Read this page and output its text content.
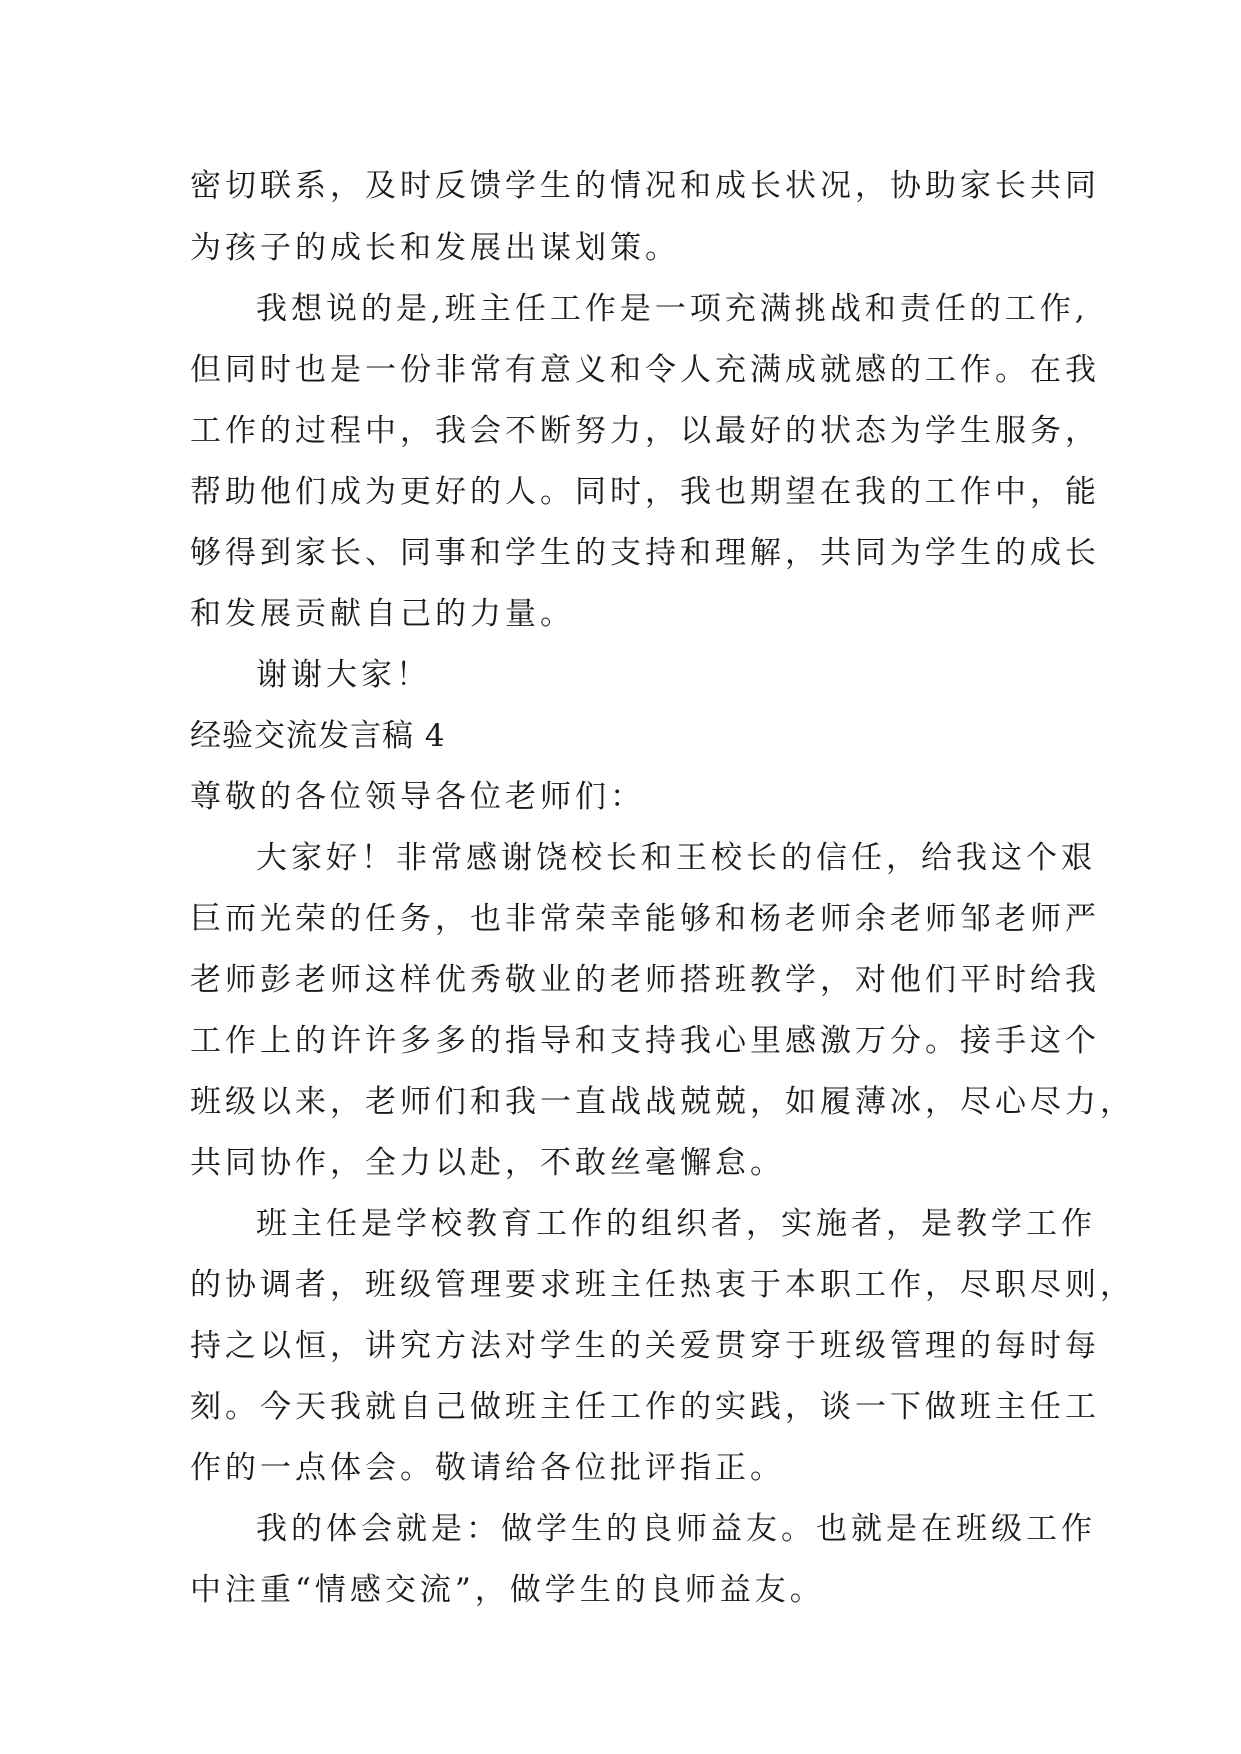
密切联系，及时反馈学生的情况和成长状况，协助家长共同
为孩子的成长和发展出谋划策。
我想说的是,班主任工作是一项充满挑战和责任的工作,
但同时也是一份非常有意义和令人充满成就感的工作。在我
工作的过程中，我会不断努力，以最好的状态为学生服务，
帮助他们成为更好的人。同时，我也期望在我的工作中，能
够得到家长、同事和学生的支持和理解，共同为学生的成长
和发展贡献自己的力量。
谢谢大家！
经验交流发言稿 4
尊敬的各位领导各位老师们：
大家好！非常感谢饶校长和王校长的信任，给我这个艰
巨而光荣的任务，也非常荣幸能够和杨老师余老师邹老师严
老师彭老师这样优秀敬业的老师搭班教学，对他们平时给我
工作上的许许多多的指导和支持我心里感激万分。接手这个
班级以来，老师们和我一直战战兢兢，如履薄冰，尽心尽力，
共同协作，全力以赴，不敢丝毫懈怠。
班主任是学校教育工作的组织者，实施者，是教学工作
的协调者，班级管理要求班主任热衷于本职工作，尽职尽则，
持之以恒，讲究方法对学生的关爱贯穿于班级管理的每时每
刻。今天我就自己做班主任工作的实践，谈一下做班主任工
作的一点体会。敬请给各位批评指正。
我的体会就是：做学生的良师益友。也就是在班级工作
中注重“情感交流”，做学生的良师益友。
